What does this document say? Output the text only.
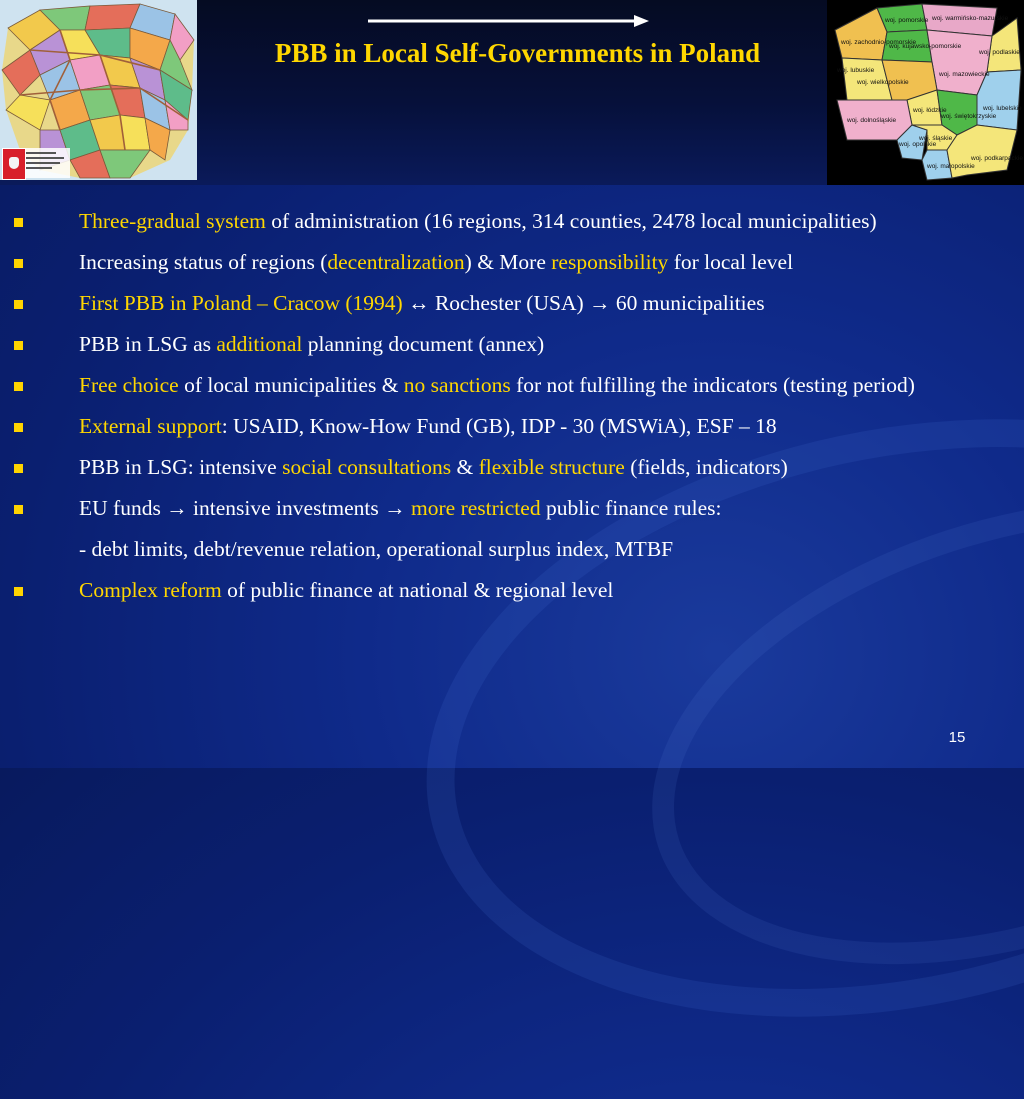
PBB in Local Self-Governments in Poland
woj. pomorskie woj. warmińsko-mazurskie
woj. zachodnio-pomorskie
woj. kujawsko-pomorskie
woj. podlaskie
woj. mazowieckie
woj. wielkopolskie
woj. lubuskie
woj. łódzkie	woj. lubelskie
woj. dolnośląskie
woj. opolskie
woj. świętokrzyskie
woj. śląskie
woj. małopolskie
woj. podkarpackie
Three-gradual system of administration (16 regions, 314 counties, 2478 local municipalities)
Increasing status of regions (decentralization) & More responsibility for local level
First PBB in Poland – Cracow (1994) ↔ Rochester (USA) → 60 municipalities
PBB in LSG as additional planning document (annex)
Free choice of local municipalities & no sanctions for not fulfilling the indicators (testing period)
External support: USAID, Know-How Fund (GB), IDP - 30 (MSWiA), ESF – 18
PBB in LSG: intensive social consultations & flexible structure (fields, indicators)
EU funds → intensive investments → more restricted public finance rules:
- debt limits, debt/revenue relation, operational surplus index, MTBF
Complex reform of public finance at national & regional level
15
